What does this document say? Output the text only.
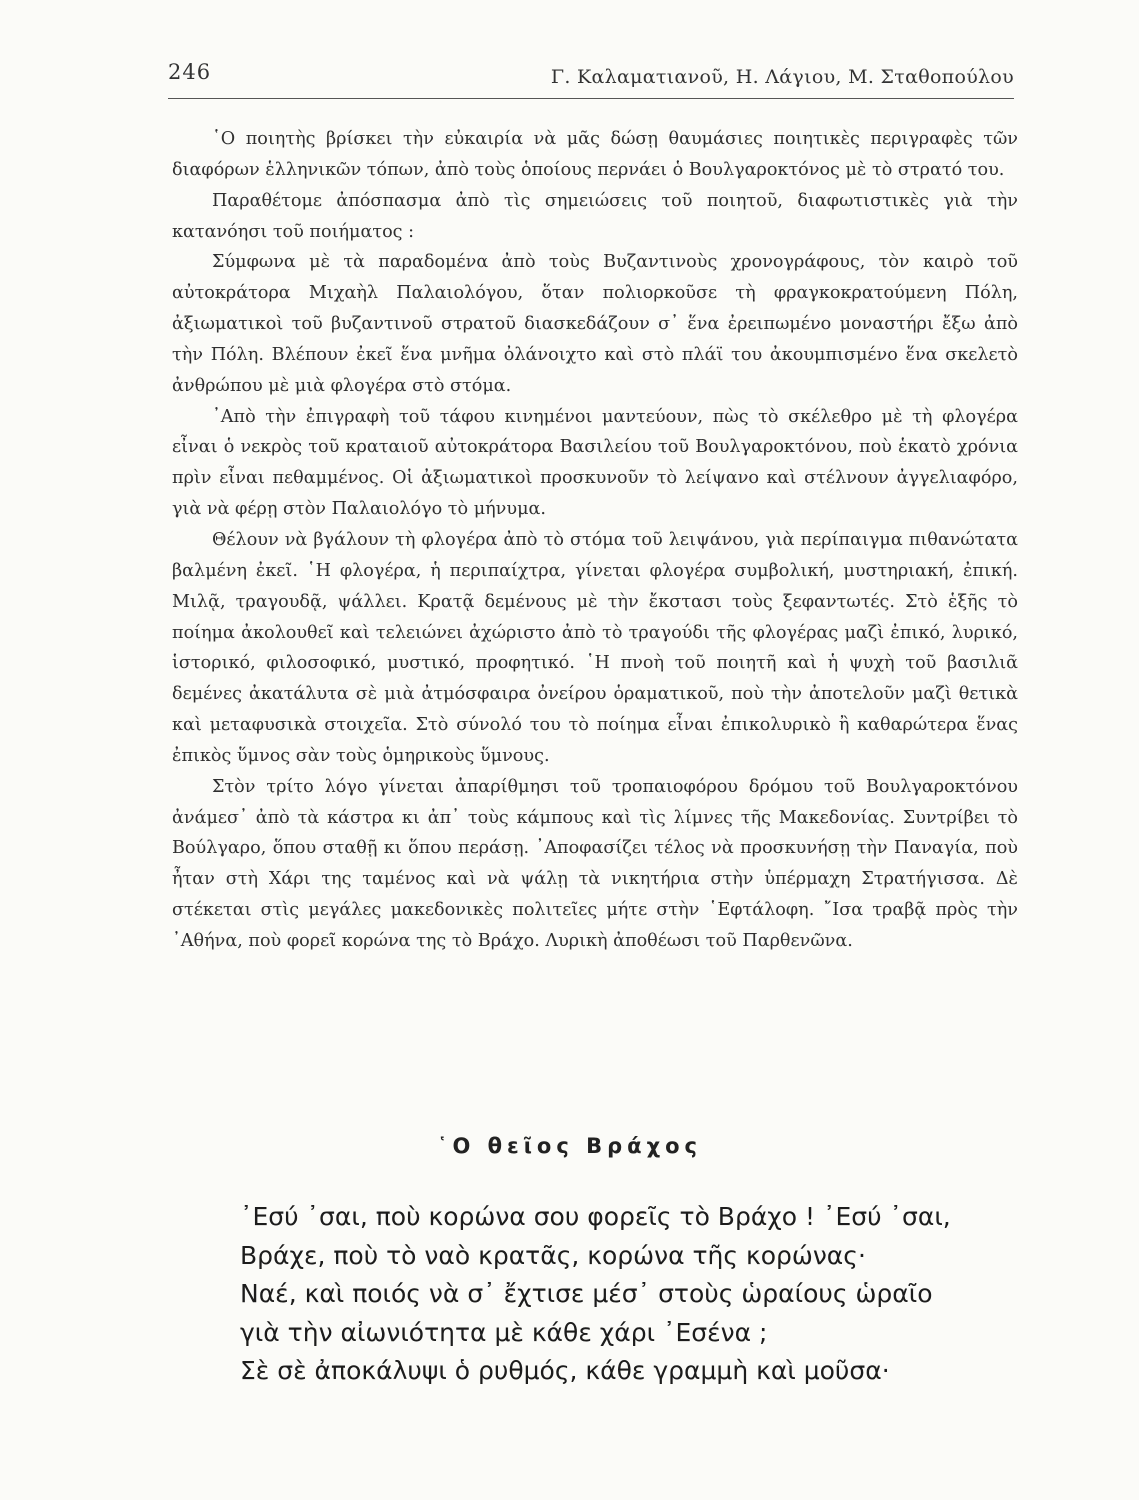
246	Γ. Καλαματιανοῦ, Η. Λάγιου, Μ. Σταθοπούλου

῾Ο ποιητὴς βρίσκει τὴν εὐκαιρία νὰ μᾶς δώσῃ θαυμάσιες ποιητικὲς περιγραφὲς τῶν διαφόρων ἑλληνικῶν τόπων, ἀπὸ τοὺς ὁποίους περνάει ὁ Βουλγαροκτόνος μὲ τὸ στρατό του.

Παραθέτομε ἀπόσπασμα ἀπὸ τὶς σημειώσεις τοῦ ποιητοῦ, διαφωτιστικὲς γιὰ τὴν κατανόησι τοῦ ποιήματος :

Σύμφωνα μὲ τὰ παραδομένα ἀπὸ τοὺς Βυζαντινοὺς χρονογράφους, τὸν καιρὸ τοῦ αὐτοκράτορα Μιχαὴλ Παλαιολόγου, ὅταν πολιορκοῦσε τὴ φραγκοκρατούμενη Πόλη, ἀξιωματικοὶ τοῦ βυζαντινοῦ στρατοῦ διασκεδάζουν σ᾿ ἕνα ἐρειπωμένο μοναστήρι ἔξω ἀπὸ τὴν Πόλη. Βλέπουν ἐκεῖ ἕνα μνῆμα ὀλάνοιχτο καὶ στὸ πλάϊ του ἀκουμπισμένο ἕνα σκελετὸ ἀνθρώπου μὲ μιὰ φλογέρα στὸ στόμα.

᾿Απὸ τὴν ἐπιγραφὴ τοῦ τάφου κινημένοι μαντεύουν, πὼς τὸ σκέλεθρο μὲ τὴ φλογέρα εἶναι ὁ νεκρὸς τοῦ κραταιοῦ αὐτοκράτορα Βασιλείου τοῦ Βουλγαροκτόνου, ποὺ ἑκατὸ χρόνια πρὶν εἶναι πεθαμμένος. Οἱ ἀξιωματικοὶ προσκυνοῦν τὸ λείψανο καὶ στέλνουν ἀγγελιαφόρο, γιὰ νὰ φέρῃ στὸν Παλαιολόγο τὸ μήνυμα.

Θέλουν νὰ βγάλουν τὴ φλογέρα ἀπὸ τὸ στόμα τοῦ λειψάνου, γιὰ περίπαιγμα πιθανώτατα βαλμένη ἐκεῖ. ῾Η φλογέρα, ἡ περιπαίχτρα, γίνεται φλογέρα συμβολική, μυστηριακή, ἐπική. Μιλᾷ, τραγουδᾷ, ψάλλει. Κρατᾷ δεμένους μὲ τὴν ἔκστασι τοὺς ξεφαντωτές. Στὸ ἑξῆς τὸ ποίημα ἀκολουθεῖ καὶ τελειώνει ἀχώριστο ἀπὸ τὸ τραγούδι τῆς φλογέρας μαζὶ ἐπικό, λυρικό, ἱστορικό, φιλοσοφικό, μυστικό, προφητικό. ῾Η πνοὴ τοῦ ποιητῆ καὶ ἡ ψυχὴ τοῦ βασιλιᾶ δεμένες ἀκατάλυτα σὲ μιὰ ἀτμόσφαιρα ὀνείρου ὁραματικοῦ, ποὺ τὴν ἀποτελοῦν μαζὶ θετικὰ καὶ μεταφυσικὰ στοιχεῖα. Στὸ σύνολό του τὸ ποίημα εἶναι ἐπικολυρικὸ ἢ καθαρώτερα ἕνας ἐπικὸς ὕμνος σὰν τοὺς ὁμηρικοὺς ὕμνους.

Στὸν τρίτο λόγο γίνεται ἀπαρίθμησι τοῦ τροπαιοφόρου δρόμου τοῦ Βουλγαροκτόνου ἀνάμεσ᾿ ἀπὸ τὰ κάστρα κι ἀπ᾿ τοὺς κάμπους καὶ τὶς λίμνες τῆς Μακεδονίας. Συντρίβει τὸ Βούλγαρο, ὅπου σταθῇ κι ὅπου περάσῃ. ᾿Αποφασίζει τέλος νὰ προσκυνήσῃ τὴν Παναγία, ποὺ ἦταν στὴ Χάρι της ταμένος καὶ νὰ ψάλῃ τὰ νικητήρια στὴν ὑπέρμαχη Στρατήγισσα. Δὲ στέκεται στὶς μεγάλες μακεδονικὲς πολιτεῖες μήτε στὴν ῾Εφτάλοφη. ῎Ισα τραβᾷ πρὸς τὴν ᾿Αθήνα, ποὺ φορεῖ κορώνα της τὸ Βράχο. Λυρικὴ ἀποθέωσι τοῦ Παρθενῶνα.

῾Ο θεῖος Βράχος
᾿Εσύ ᾿σαι, ποὺ κορώνα σου φορεῖς τὸ Βράχο ! ᾿Εσύ ᾿σαι,
Βράχε, ποὺ τὸ ναὸ κρατᾶς, κορώνα τῆς κορώνας·
Ναέ, καὶ ποιός νὰ σ᾿ ἔχτισε μέσ᾿ στοὺς ὡραίους ὡραῖο
γιὰ τὴν αἰωνιότητα μὲ κάθε χάρι ᾿Εσένα ;
Σὲ σὲ ἀποκάλυψι ὁ ρυθμός, κάθε γραμμὴ καὶ μοῦσα·
